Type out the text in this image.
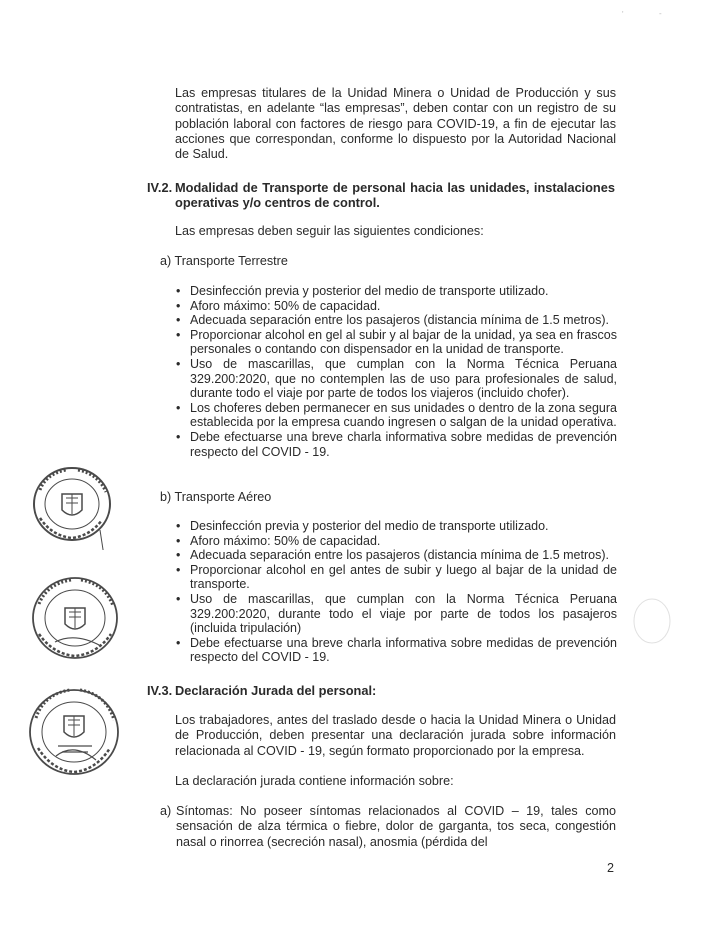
'	-

Las empresas titulares de la Unidad Minera o Unidad de Producción y sus contratistas, en adelante “las empresas”, deben contar con un registro de su población laboral con factores de riesgo para COVID-19, a fin de ejecutar las acciones que correspondan, conforme lo dispuesto por la Autoridad Nacional de Salud.

IV.2. Modalidad de Transporte de personal hacia las unidades, instalaciones operativas y/o centros de control.

Las empresas deben seguir las siguientes condiciones:

a) Transporte Terrestre
• Desinfección previa y posterior del medio de transporte utilizado.
• Aforo máximo: 50% de capacidad.
• Adecuada separación entre los pasajeros (distancia mínima de 1.5 metros).
• Proporcionar alcohol en gel al subir y al bajar de la unidad, ya sea en frascos personales o contando con dispensador en la unidad de transporte.
• Uso de mascarillas, que cumplan con la Norma Técnica Peruana 329.200:2020, que no contemplen las de uso para profesionales de salud, durante todo el viaje por parte de todos los viajeros (incluido chofer).
• Los choferes deben permanecer en sus unidades o dentro de la zona segura establecida por la empresa cuando ingresen o salgan de la unidad operativa.
• Debe efectuarse una breve charla informativa sobre medidas de prevención respecto del COVID - 19.
b) Transporte Aéreo
• Desinfección previa y posterior del medio de transporte utilizado.
• Aforo máximo: 50% de capacidad.
• Adecuada separación entre los pasajeros (distancia mínima de 1.5 metros).
• Proporcionar alcohol en gel antes de subir y luego al bajar de la unidad de transporte.
• Uso de mascarillas, que cumplan con la Norma Técnica Peruana 329.200:2020, durante todo el viaje por parte de todos los pasajeros (incluida tripulación)
• Debe efectuarse una breve charla informativa sobre medidas de prevención respecto del COVID - 19.
IV.3. Declaración Jurada del personal:

Los trabajadores, antes del traslado desde o hacia la Unidad Minera o Unidad de Producción, deben presentar una declaración jurada sobre información relacionada al COVID - 19, según formato proporcionado por la empresa.

La declaración jurada contiene información sobre:

a) Síntomas: No poseer síntomas relacionados al COVID – 19, tales como sensación de alza térmica o fiebre, dolor de garganta, tos seca, congestión nasal o rinorrea (secreción nasal), anosmia (pérdida del
2
